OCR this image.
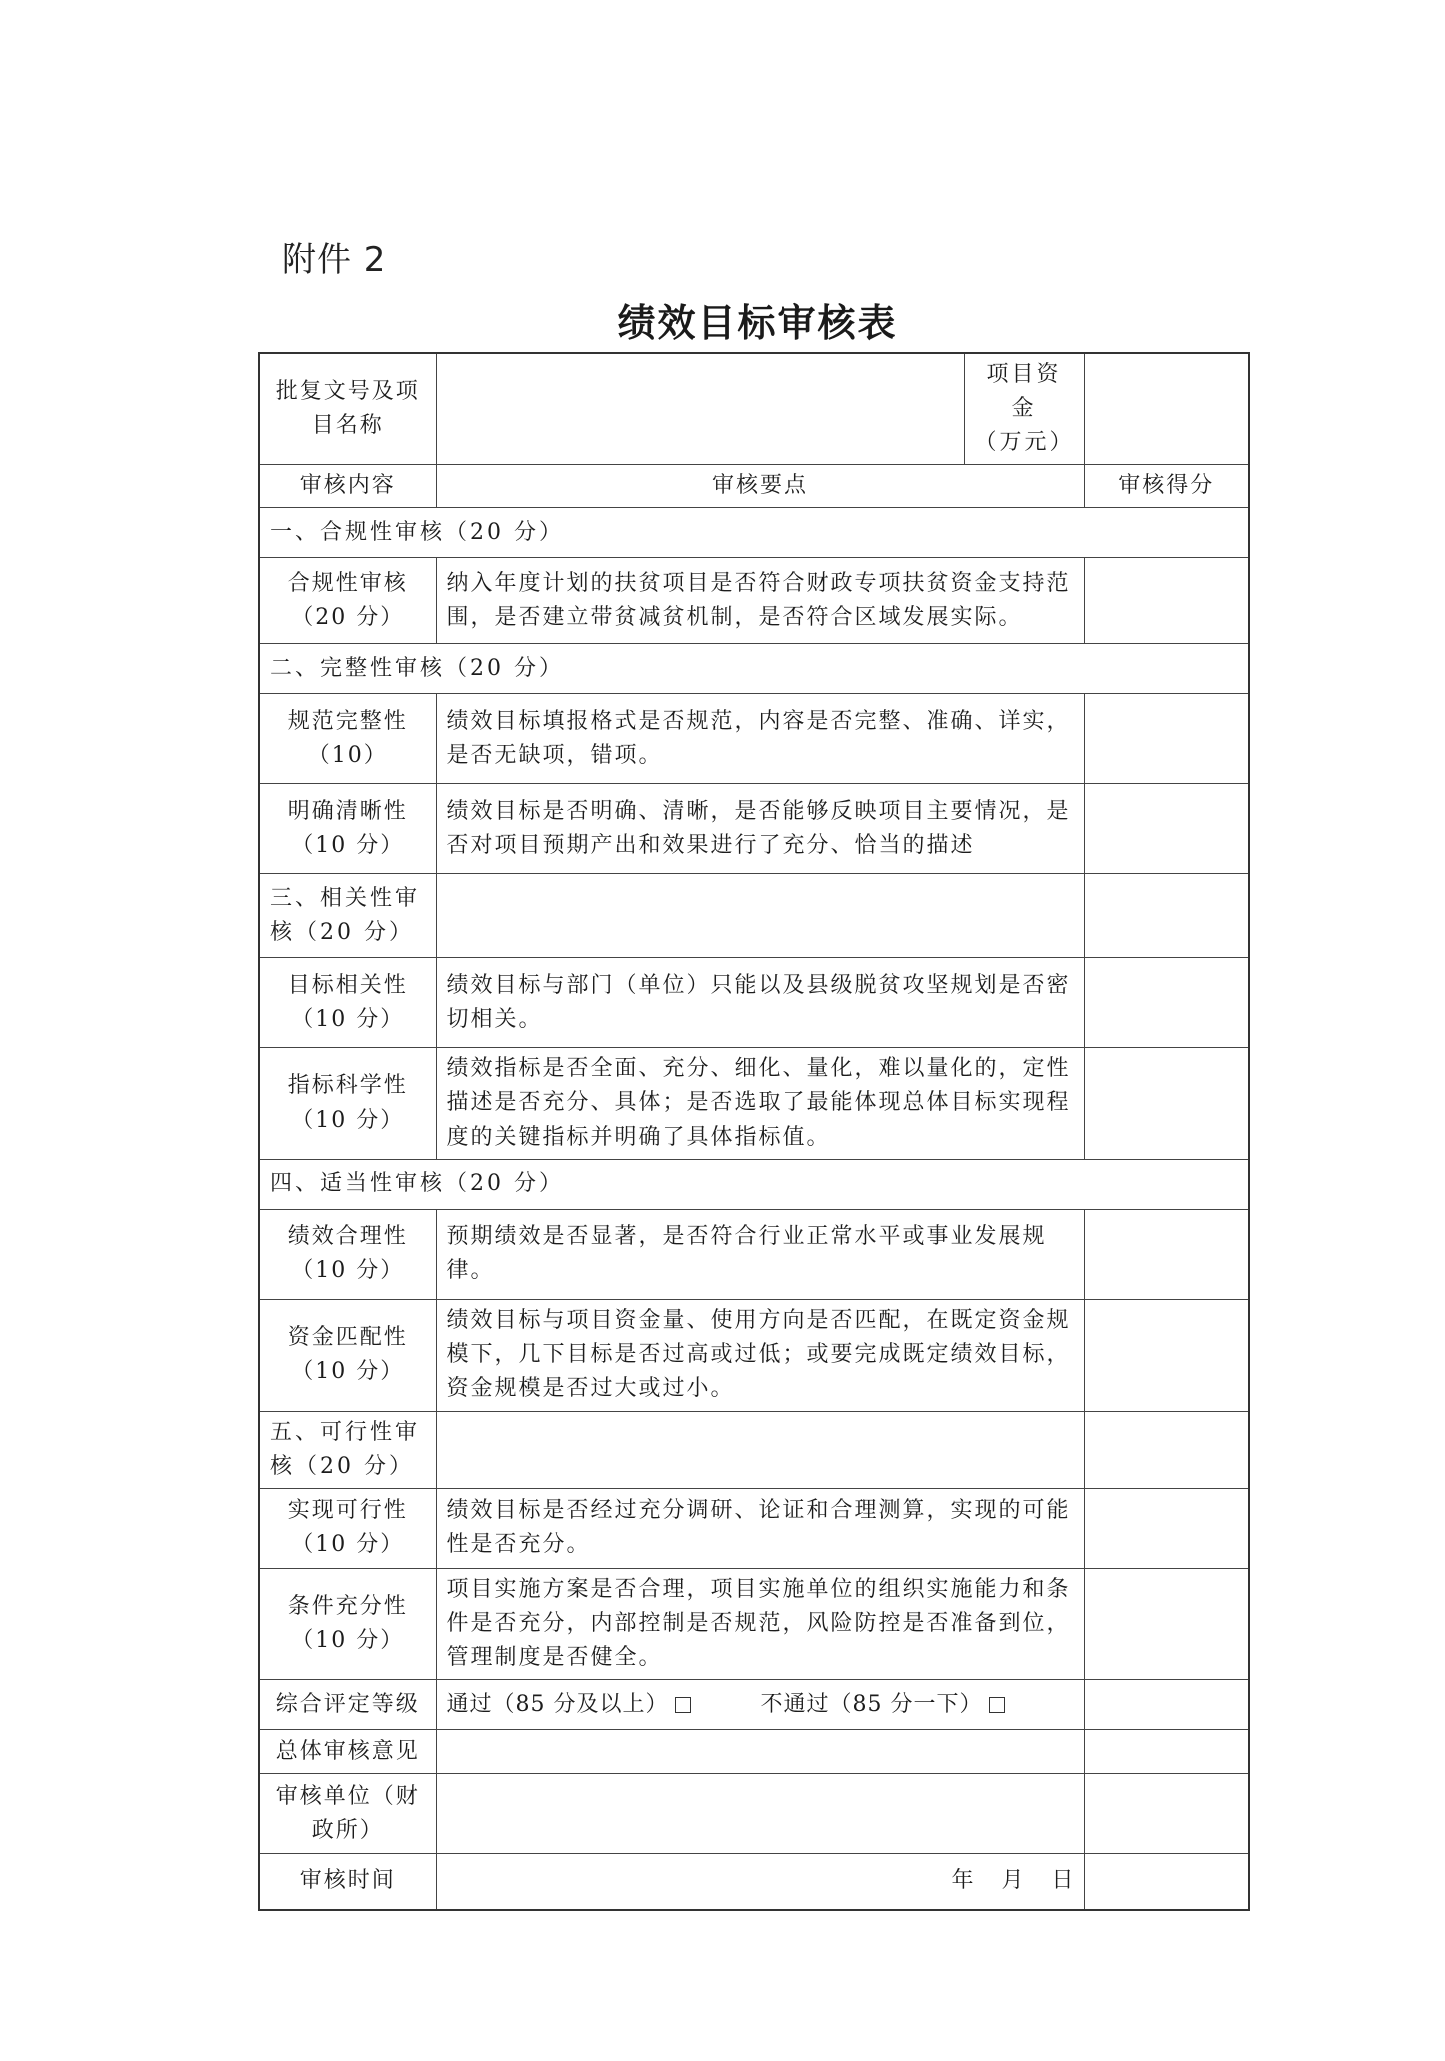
附件 2
绩效目标审核表
批复文号及项目名称		项目资金
（万元）	

审核内容	审核要点		审核得分
一、合规性审核（20 分）			
合规性审核（20 分）	纳入年度计划的扶贫项目是否符合财政专项扶贫资金支持范围，是否建立带贫减贫机制，是否符合区域发展实际。		
二、完整性审核（20 分）			
规范完整性（10）	绩效目标填报格式是否规范，内容是否完整、准确、详实，是否无缺项，错项。		
明确清晰性（10 分）	绩效目标是否明确、清晰，是否能够反映项目主要情况，是否对项目预期产出和效果进行了充分、恰当的描述		
三、相关性审核（20 分）			
目标相关性（10 分）	绩效目标与部门（单位）只能以及县级脱贫攻坚规划是否密切相关。		
指标科学性（10 分）	绩效指标是否全面、充分、细化、量化，难以量化的，定性描述是否充分、具体；是否选取了最能体现总体目标实现程度的关键指标并明确了具体指标值。		
四、适当性审核（20 分）			
绩效合理性（10 分）	预期绩效是否显著，是否符合行业正常水平或事业发展规律。		
资金匹配性（10 分）	绩效目标与项目资金量、使用方向是否匹配，在既定资金规模下，几下目标是否过高或过低；或要完成既定绩效目标，资金规模是否过大或过小。		
五、可行性审核（20 分）			
实现可行性（10 分）	绩效目标是否经过充分调研、论证和合理测算，实现的可能性是否充分。		
条件充分性（10 分）	项目实施方案是否合理，项目实施单位的组织实施能力和条件是否充分，内部控制是否规范，风险防控是否准备到位，管理制度是否健全。		
综合评定等级	通过（85 分及以上） 不通过（85 分一下）		
总体审核意见			
审核单位（财政所）			
审核时间	年 月 日		
